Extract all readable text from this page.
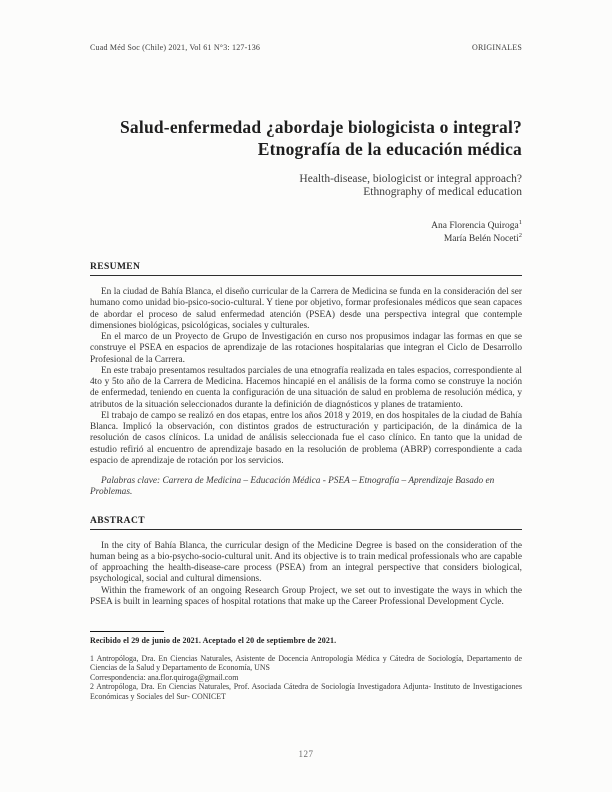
Cuad Méd Soc (Chile) 2021, Vol 61 N°3: 127-136	ORIGINALES
Salud-enfermedad ¿abordaje biologicista o integral?
Etnografía de la educación médica
Health-disease, biologicist or integral approach?
Ethnography of medical education
Ana Florencia Quiroga$^1$
María Belén Noceti$^2$
RESUMEN

En la ciudad de Bahía Blanca, el diseño curricular de la Carrera de Medicina se funda en la consideración del ser humano como unidad bio-psico-socio-cultural. Y tiene por objetivo, formar profesionales médicos que sean capaces de abordar el proceso de salud enfermedad atención (PSEA) desde una perspectiva integral que contemple dimensiones biológicas, psicológicas, sociales y culturales.

En el marco de un Proyecto de Grupo de Investigación en curso nos propusimos indagar las formas en que se construye el PSEA en espacios de aprendizaje de las rotaciones hospitalarias que integran el Ciclo de Desarrollo Profesional de la Carrera.

En este trabajo presentamos resultados parciales de una etnografía realizada en tales espacios, correspondiente al 4to y 5to año de la Carrera de Medicina. Hacemos hincapié en el análisis de la forma como se construye la noción de enfermedad, teniendo en cuenta la configuración de una situación de salud en problema de resolución médica, y atributos de la situación seleccionados durante la definición de diagnósticos y planes de tratamiento.

El trabajo de campo se realizó en dos etapas, entre los años 2018 y 2019, en dos hospitales de la ciudad de Bahía Blanca. Implicó la observación, con distintos grados de estructuración y participación, de la dinámica de la resolución de casos clínicos. La unidad de análisis seleccionada fue el caso clínico. En tanto que la unidad de estudio refirió al encuentro de aprendizaje basado en la resolución de problema (ABRP) correspondiente a cada espacio de aprendizaje de rotación por los servicios.

Palabras clave: Carrera de Medicina – Educación Médica - PSEA – Etnografía – Aprendizaje Basado en Problemas.
ABSTRACT

In the city of Bahía Blanca, the curricular design of the Medicine Degree is based on the consideration of the human being as a bio-psycho-socio-cultural unit. And its objective is to train medical professionals who are capable of approaching the health-disease-care process (PSEA) from an integral perspective that considers biological, psychological, social and cultural dimensions.

Within the framework of an ongoing Research Group Project, we set out to investigate the ways in which the PSEA is built in learning spaces of hospital rotations that make up the Career Professional Development Cycle.

Recibido el 29 de junio de 2021. Aceptado el 20 de septiembre de 2021.

1 Antropóloga, Dra. En Ciencias Naturales, Asistente de Docencia Antropología Médica y Cátedra de Sociología, Departamento de Ciencias de la Salud y Departamento de Economía, UNS

Correspondencia: ana.flor.quiroga@gmail.com

2 Antropóloga, Dra. En Ciencias Naturales, Prof. Asociada Cátedra de Sociología Investigadora Adjunta- Instituto de Investigaciones Económicas y Sociales del Sur- CONICET

127
